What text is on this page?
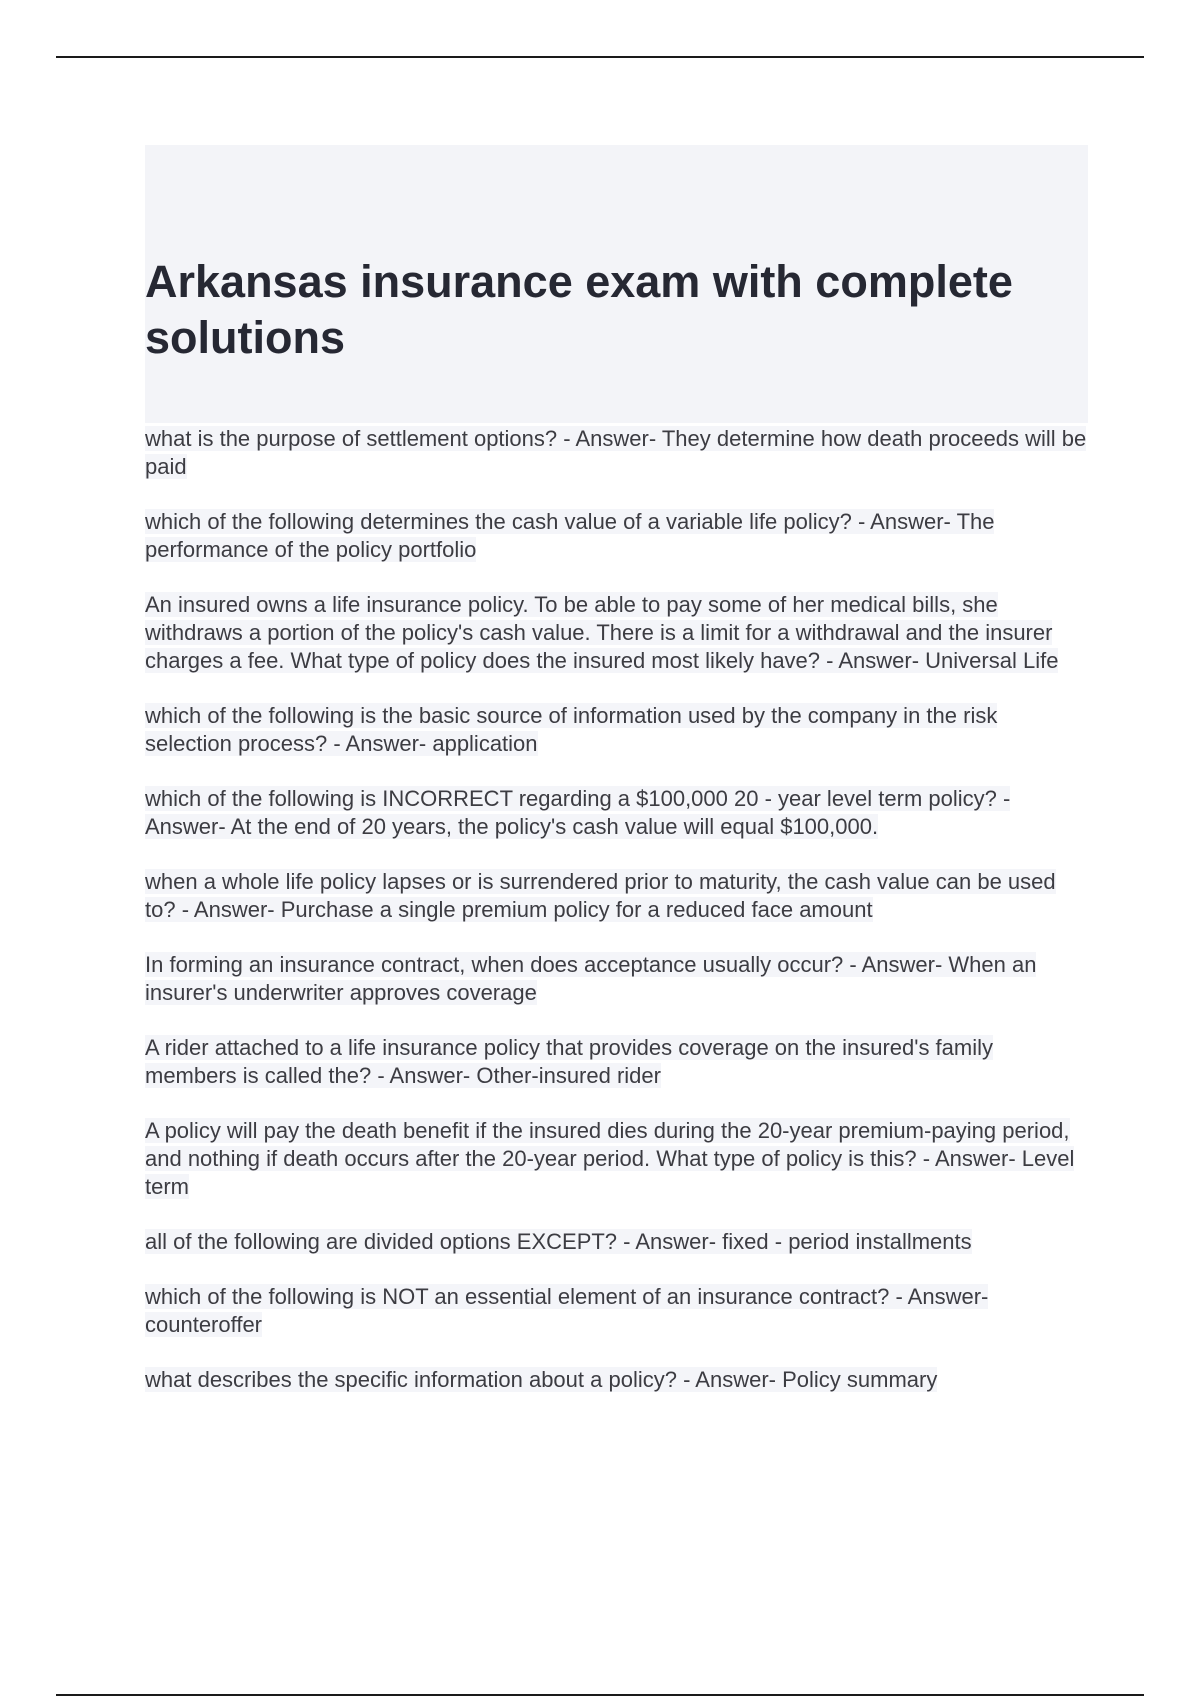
Arkansas insurance exam with complete solutions

what is the purpose of settlement options? - Answer- They determine how death proceeds will be paid

which of the following determines the cash value of a variable life policy? - Answer- The performance of the policy portfolio

An insured owns a life insurance policy. To be able to pay some of her medical bills, she withdraws a portion of the policy's cash value. There is a limit for a withdrawal and the insurer charges a fee. What type of policy does the insured most likely have? - Answer- Universal Life

which of the following is the basic source of information used by the company in the risk selection process? - Answer- application

which of the following is INCORRECT regarding a $100,000 20 - year level term policy? - Answer- At the end of 20 years, the policy's cash value will equal $100,000.

when a whole life policy lapses or is surrendered prior to maturity, the cash value can be used to? - Answer- Purchase a single premium policy for a reduced face amount

In forming an insurance contract, when does acceptance usually occur? - Answer- When an insurer's underwriter approves coverage

A rider attached to a life insurance policy that provides coverage on the insured's family members is called the? - Answer- Other-insured rider

A policy will pay the death benefit if the insured dies during the 20-year premium-paying period, and nothing if death occurs after the 20-year period. What type of policy is this? - Answer- Level term

all of the following are divided options EXCEPT? - Answer- fixed - period installments

which of the following is NOT an essential element of an insurance contract? - Answer- counteroffer

what describes the specific information about a policy? - Answer- Policy summary
